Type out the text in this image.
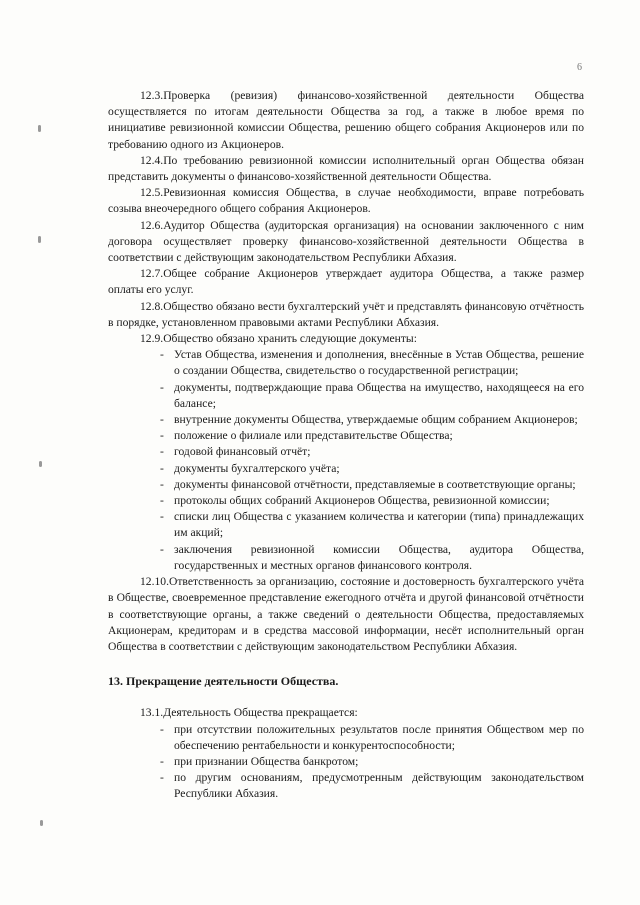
6

12.3.Проверка (ревизия) финансово-хозяйственной деятельности Общества осуществляется по итогам деятельности Общества за год, а также в любое время по инициативе ревизионной комиссии Общества, решению общего собрания Акционеров или по требованию одного из Акционеров.

12.4.По требованию ревизионной комиссии исполнительный орган Общества обязан представить документы о финансово-хозяйственной деятельности Общества.

12.5.Ревизионная комиссия Общества, в случае необходимости, вправе потребовать созыва внеочередного общего собрания Акционеров.

12.6.Аудитор Общества (аудиторская организация) на основании заключенного с ним договора осуществляет проверку финансово-хозяйственной деятельности Общества в соответствии с действующим законодательством Республики Абхазия.

12.7.Общее собрание Акционеров утверждает аудитора Общества, а также размер оплаты его услуг.

12.8.Общество обязано вести бухгалтерский учёт и представлять финансовую отчётность в порядке, установленном правовыми актами Республики Абхазия.

12.9.Общество обязано хранить следующие документы:

- Устав Общества, изменения и дополнения, внесённые в Устав Общества, решение о создании Общества, свидетельство о государственной регистрации;
- документы, подтверждающие права Общества на имущество, находящееся на его балансе;
- внутренние документы Общества, утверждаемые общим собранием Акционеров;
- положение о филиале или представительстве Общества;
- годовой финансовый отчёт;
- документы бухгалтерского учёта;
- документы финансовой отчётности, представляемые в соответствующие органы;
- протоколы общих собраний Акционеров Общества, ревизионной комиссии;
- списки лиц Общества с указанием количества и категории (типа) принадлежащих им акций;
- заключения ревизионной комиссии Общества, аудитора Общества, государственных и местных органов финансового контроля.

12.10.Ответственность за организацию, состояние и достоверность бухгалтерского учёта в Обществе, своевременное представление ежегодного отчёта и другой финансовой отчётности в соответствующие органы, а также сведений о деятельности Общества, предоставляемых Акционерам, кредиторам и в средства массовой информации, несёт исполнительный орган Общества в соответствии с действующим законодательством Республики Абхазия.

13. Прекращение деятельности Общества.

13.1.Деятельность Общества прекращается:

- при отсутствии положительных результатов после принятия Обществом мер по обеспечению рентабельности и конкурентоспособности;
- при признании Общества банкротом;
- по другим основаниям, предусмотренным действующим законодательством Республики Абхазия.
